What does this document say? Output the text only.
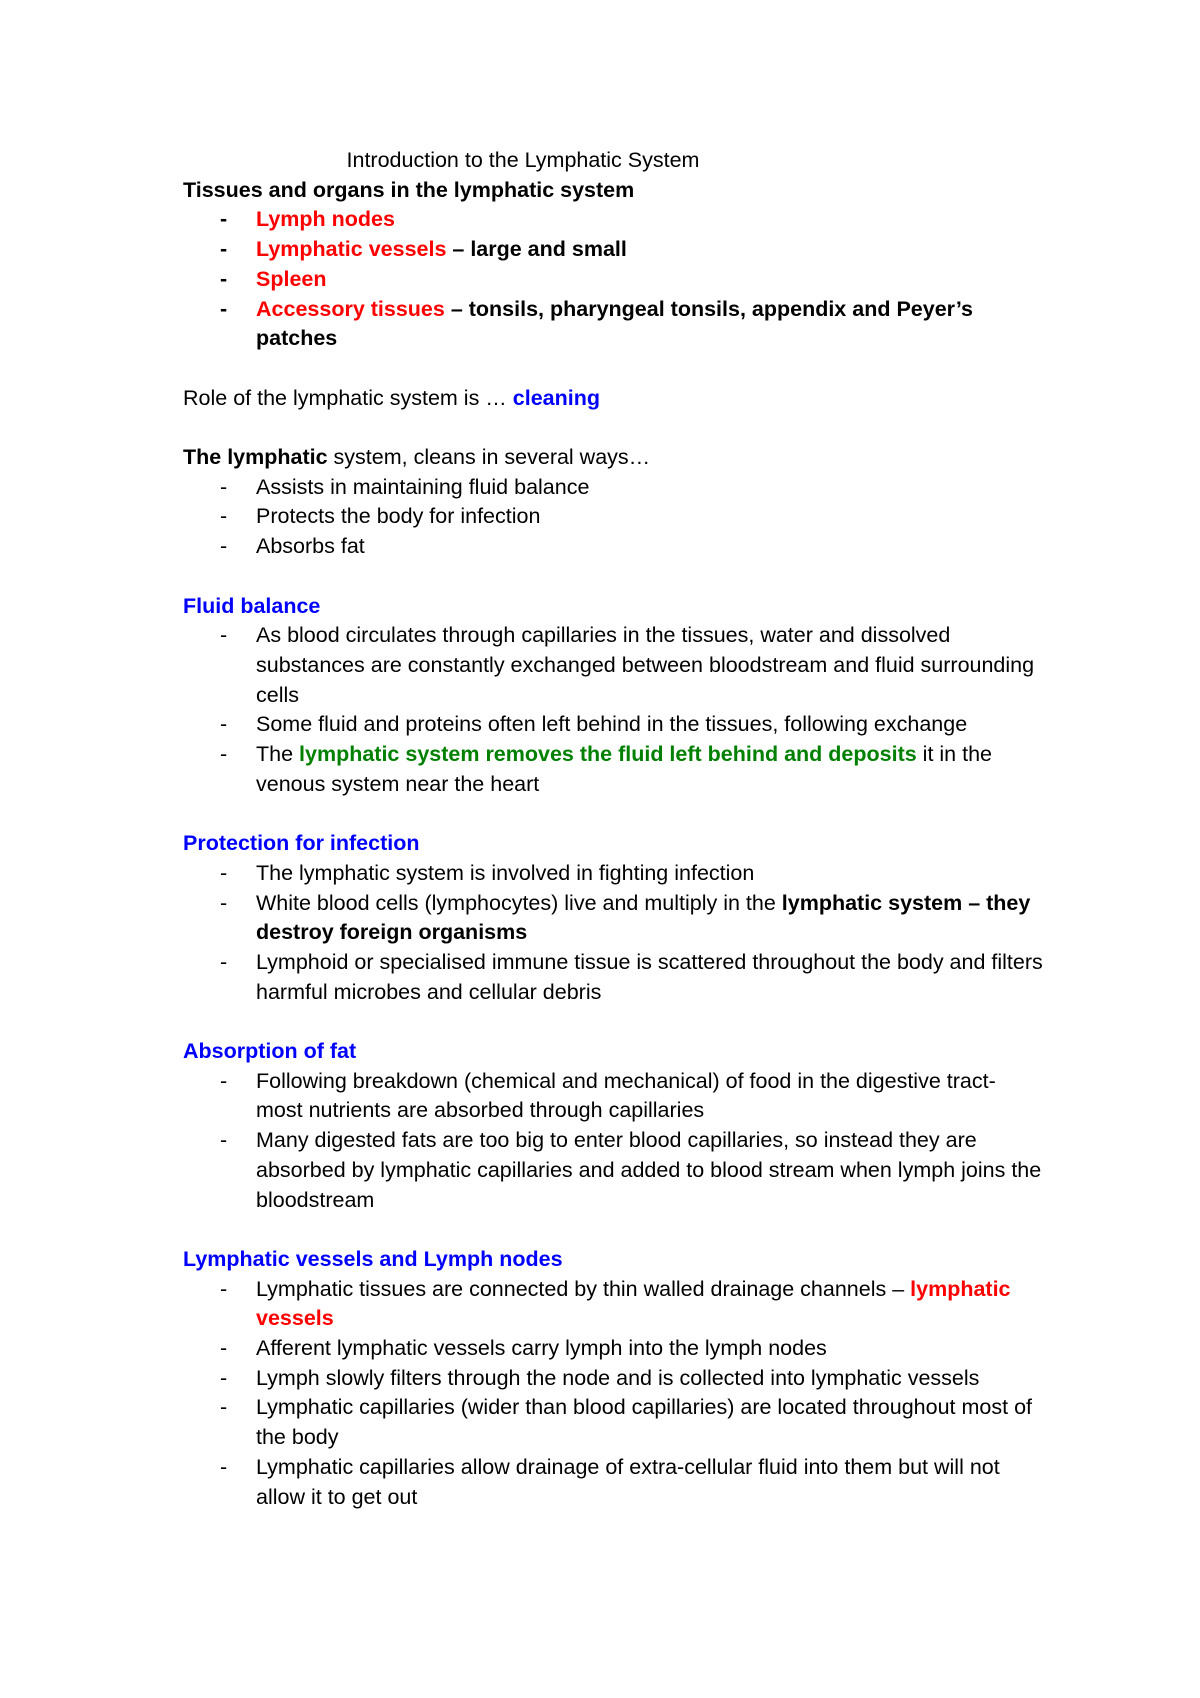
Introduction to the Lymphatic System

Tissues and organs in the lymphatic system

- Lymph nodes
- Lymphatic vessels – large and small
- Spleen
- Accessory tissues – tonsils, pharyngeal tonsils, appendix and Peyer’s patches

Role of the lymphatic system is … cleaning

The lymphatic system, cleans in several ways…

- Assists in maintaining fluid balance
- Protects the body for infection
- Absorbs fat

Fluid balance

- As blood circulates through capillaries in the tissues, water and dissolved substances are constantly exchanged between bloodstream and fluid surrounding cells
- Some fluid and proteins often left behind in the tissues, following exchange
- The lymphatic system removes the fluid left behind and deposits it in the venous system near the heart

Protection for infection

- The lymphatic system is involved in fighting infection
- White blood cells (lymphocytes) live and multiply in the lymphatic system – they destroy foreign organisms
- Lymphoid or specialised immune tissue is scattered throughout the body and filters harmful microbes and cellular debris

Absorption of fat

- Following breakdown (chemical and mechanical) of food in the digestive tract- most nutrients are absorbed through capillaries
- Many digested fats are too big to enter blood capillaries, so instead they are absorbed by lymphatic capillaries and added to blood stream when lymph joins the bloodstream

Lymphatic vessels and Lymph nodes

- Lymphatic tissues are connected by thin walled drainage channels – lymphatic vessels
- Afferent lymphatic vessels carry lymph into the lymph nodes
- Lymph slowly filters through the node and is collected into lymphatic vessels
- Lymphatic capillaries (wider than blood capillaries) are located throughout most of the body
- Lymphatic capillaries allow drainage of extra-cellular fluid into them but will not allow it to get out
